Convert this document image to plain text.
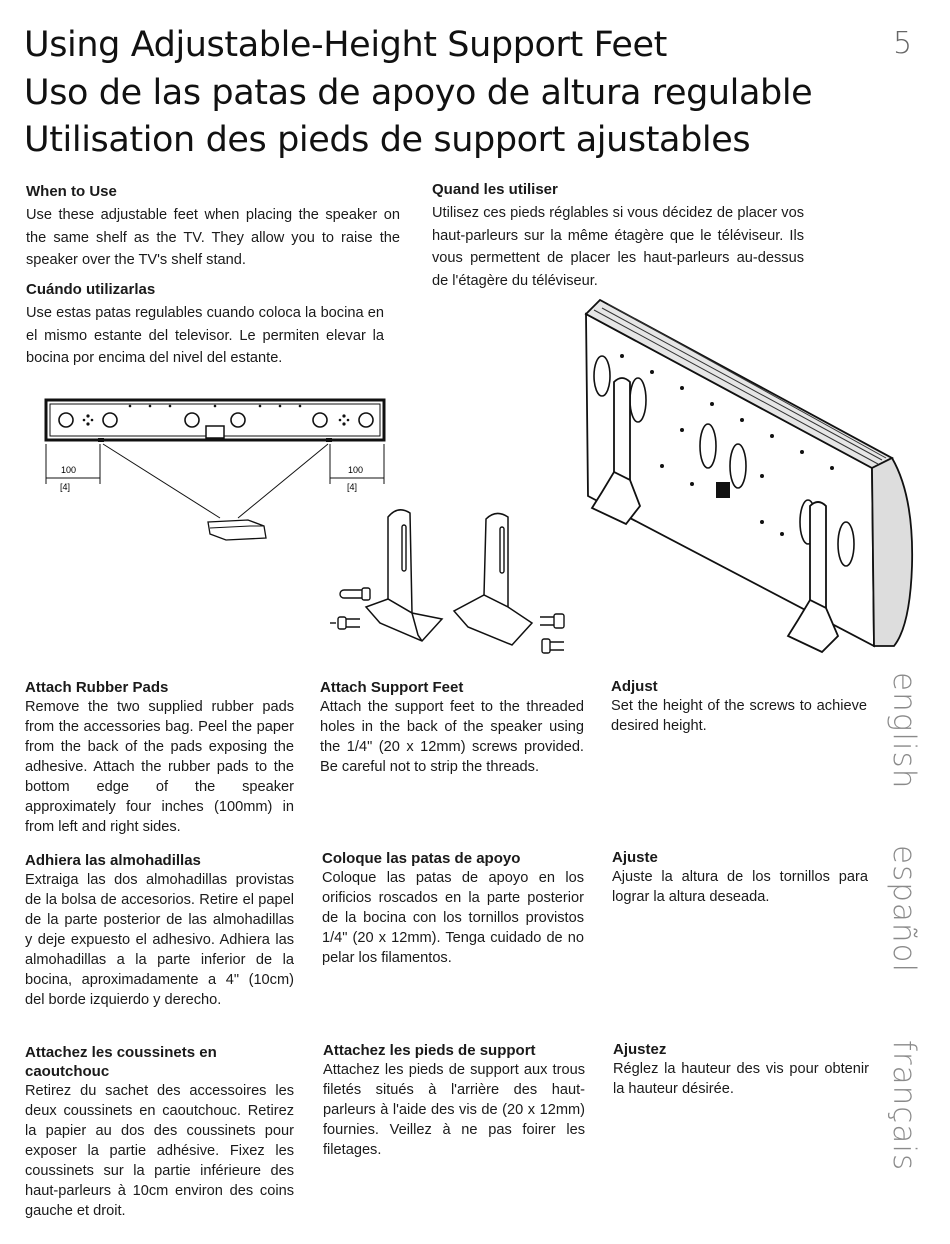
Using Adjustable-Height Support Feet
Uso de las patas de apoyo de altura regulable
Utilisation des pieds de support ajustables
5

When to Use

Use these adjustable feet when placing the speaker on the same shelf as the TV. They allow you to raise the speaker over the TV's shelf stand.

Cuándo utilizarlas

Use estas patas regulables cuando coloca la bocina en el mismo estante del televisor. Le permiten elevar la bocina por encima del nivel del estante.

Quand les utiliser

Utilisez ces pieds réglables si vous décidez de placer vos haut-parleurs sur la même étagère que le téléviseur. Ils vous permettent de placer les haut-parleurs au-dessus de l'étagère du téléviseur.

100
[4]
100
[4]

Attach Rubber Pads

Remove the two supplied rubber pads from the accessories bag. Peel the paper from the back of the pads exposing the adhesive. Attach the rubber pads to the bottom edge of the speaker approximately four inches (100mm) in from left and right sides.

Attach Support Feet

Attach the support feet to the threaded holes in the back of the speaker using the 1/4" (20 x 12mm) screws provided. Be careful not to strip the threads.

Adjust

Set the height of the screws to achieve desired height.

Adhiera las almohadillas

Extraiga las dos almohadillas provistas de la bolsa de accesorios. Retire el papel de la parte posterior de las almohadillas y deje expuesto el adhesivo. Adhiera las almohadillas a la parte inferior de la bocina, aproximadamente a 4" (10cm) del borde izquierdo y derecho.

Coloque las patas de apoyo

Coloque las patas de apoyo en los orificios roscados en la parte posterior de la bocina con los tornillos provistos 1/4" (20 x 12mm). Tenga cuidado de no pelar los filamentos.

Ajuste

Ajuste la altura de los tornillos para lograr la altura deseada.

Attachez les coussinets en caoutchouc

Retirez du sachet des accessoires les deux coussinets en caoutchouc. Retirez la papier au dos des coussinets pour exposer la partie adhésive. Fixez les coussinets sur la partie inférieure des haut-parleurs à 10cm environ des coins gauche et droit.

Attachez les pieds de support

Attachez les pieds de support aux trous filetés situés à l'arrière des haut-parleurs à l'aide des vis de (20 x 12mm) fournies. Veillez à ne pas foirer les filetages.

Ajustez

Réglez la hauteur des vis pour obtenir la hauteur désirée.

english
español
français
